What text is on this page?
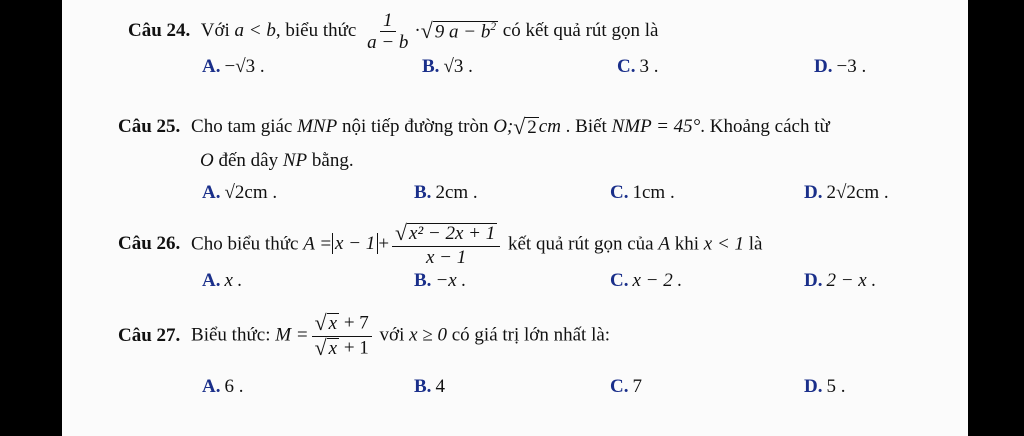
Câu 24. Với a < b, biểu thức $\frac{1}{a - b}$ · √ 9 $a - b^2$ có kết quả rút gọn là
A. −√3 .	B. √3 .	C. 3 .	D. −3 .
Câu 25. Cho tam giác MNP nội tiếp đường tròn O; √ 2 cm . Biết NMP = 45°. Khoảng cách từ
O đến dây NP bằng.
A. √2cm .	B. 2cm .	C. 1cm .	D. 2√2cm .
Câu 26. Cho biểu thức $A = x - 1 + \frac{\text{√ x² − 2x + 1}}{x - 1}$ kết quả rút gọn của A khi x < 1 là
A. x .	B. −x .	C. x − 2 .	D. 2 − x .
Câu 27. Biểu thức: $M = \frac{√ x + 7}{√ x + 1}$ với x ≥ 0 có giá trị lớn nhất là:
A. 6 .	B. 4	C. 7	D. 5 .
